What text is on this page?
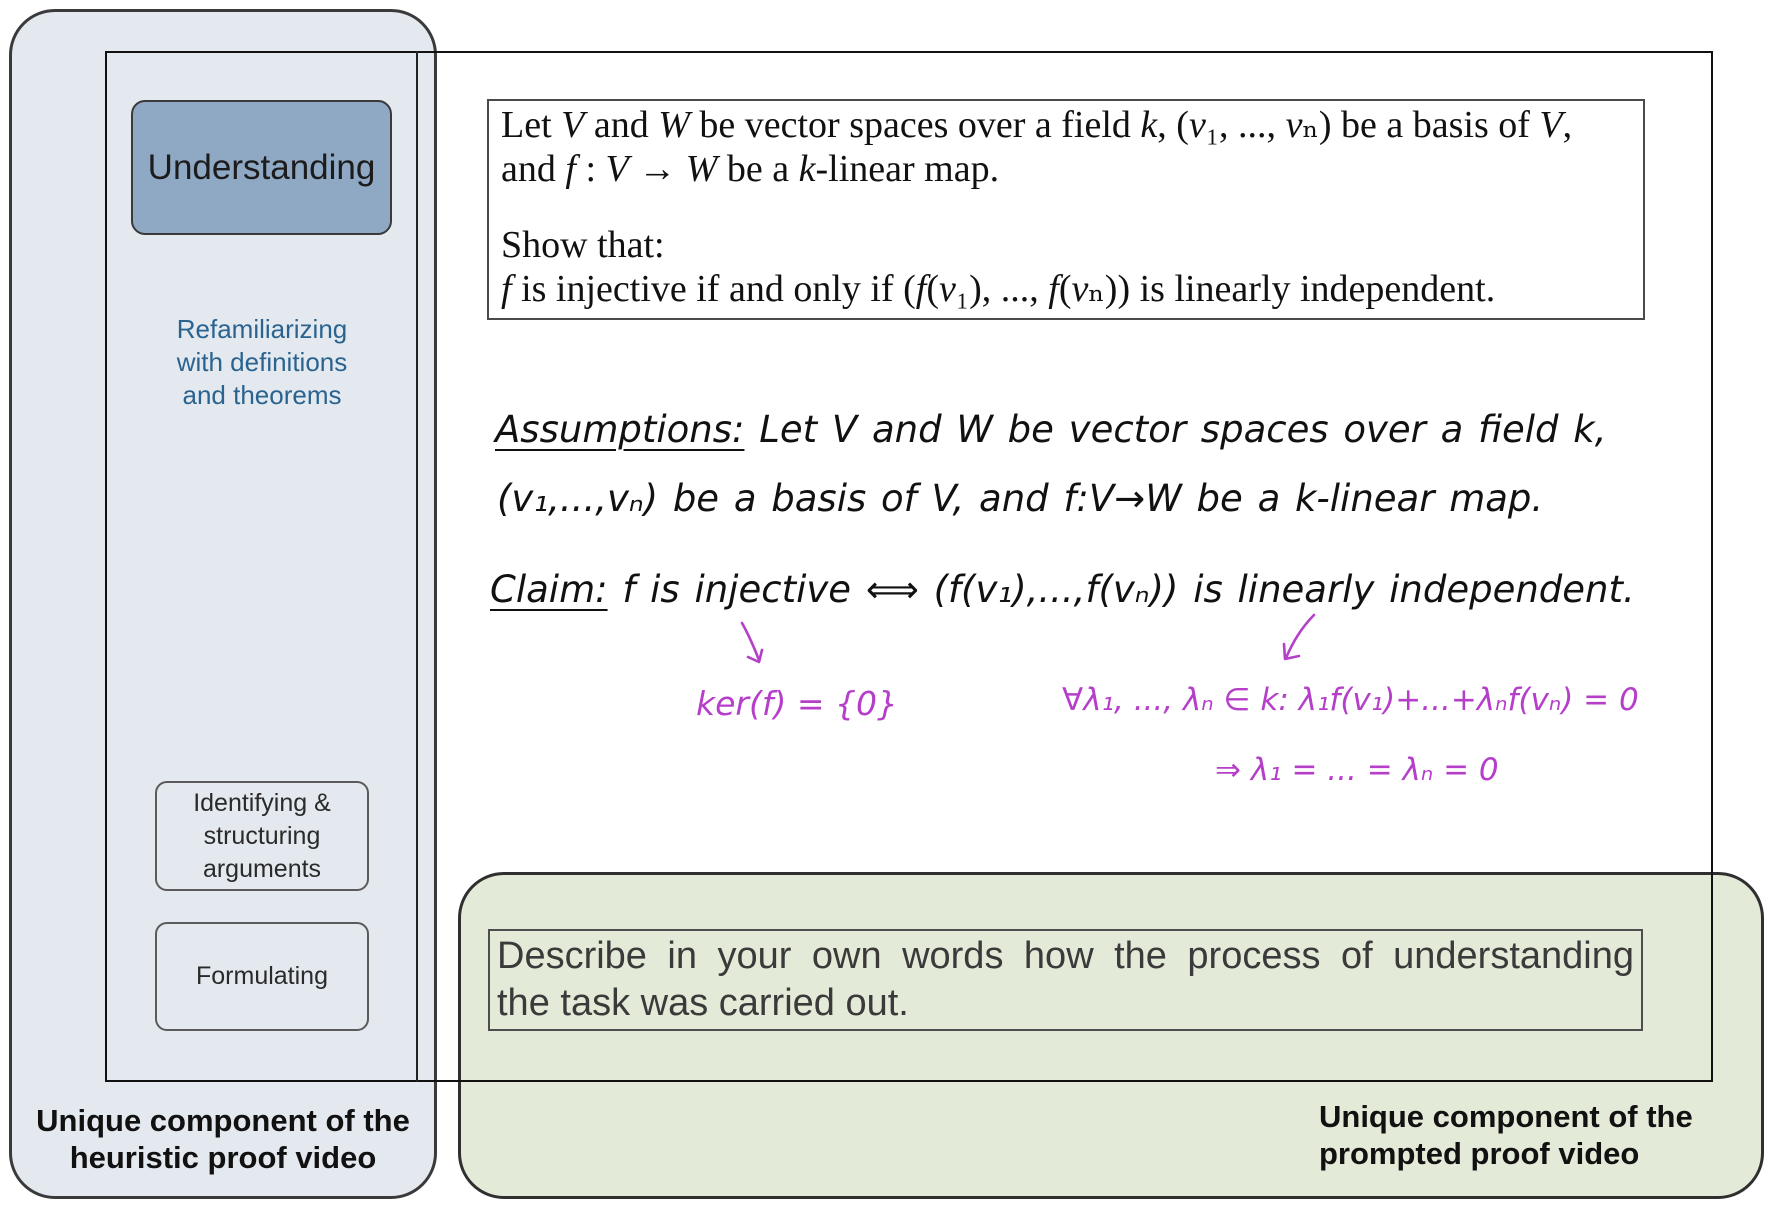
Understanding
Refamiliarizing with definitions and theorems
Identifying & structuring arguments
Formulating
Let V and W be vector spaces over a field k, (v₁, ..., vₙ) be a basis of V,
and f : V → W be a k-linear map.
Show that:
f is injective if and only if (f(v₁), ..., f(vₙ)) is linearly independent.
Assumptions: Let V and W be vector spaces over a field k,
(v₁,...,vₙ) be a basis of V, and f:V→W be a k-linear map.
Claim: f is injective ⟺ (f(v₁),...,f(vₙ)) is linearly independent.
ker(f) = {0}	∀λ₁, ..., λₙ ∈ k: λ₁f(v₁)+...+λₙf(vₙ) = 0
⇒ λ₁ = ... = λₙ = 0
Describe in your own words how the process of understanding
the task was carried out.
Unique component of the heuristic proof video
Unique component of the prompted proof video
